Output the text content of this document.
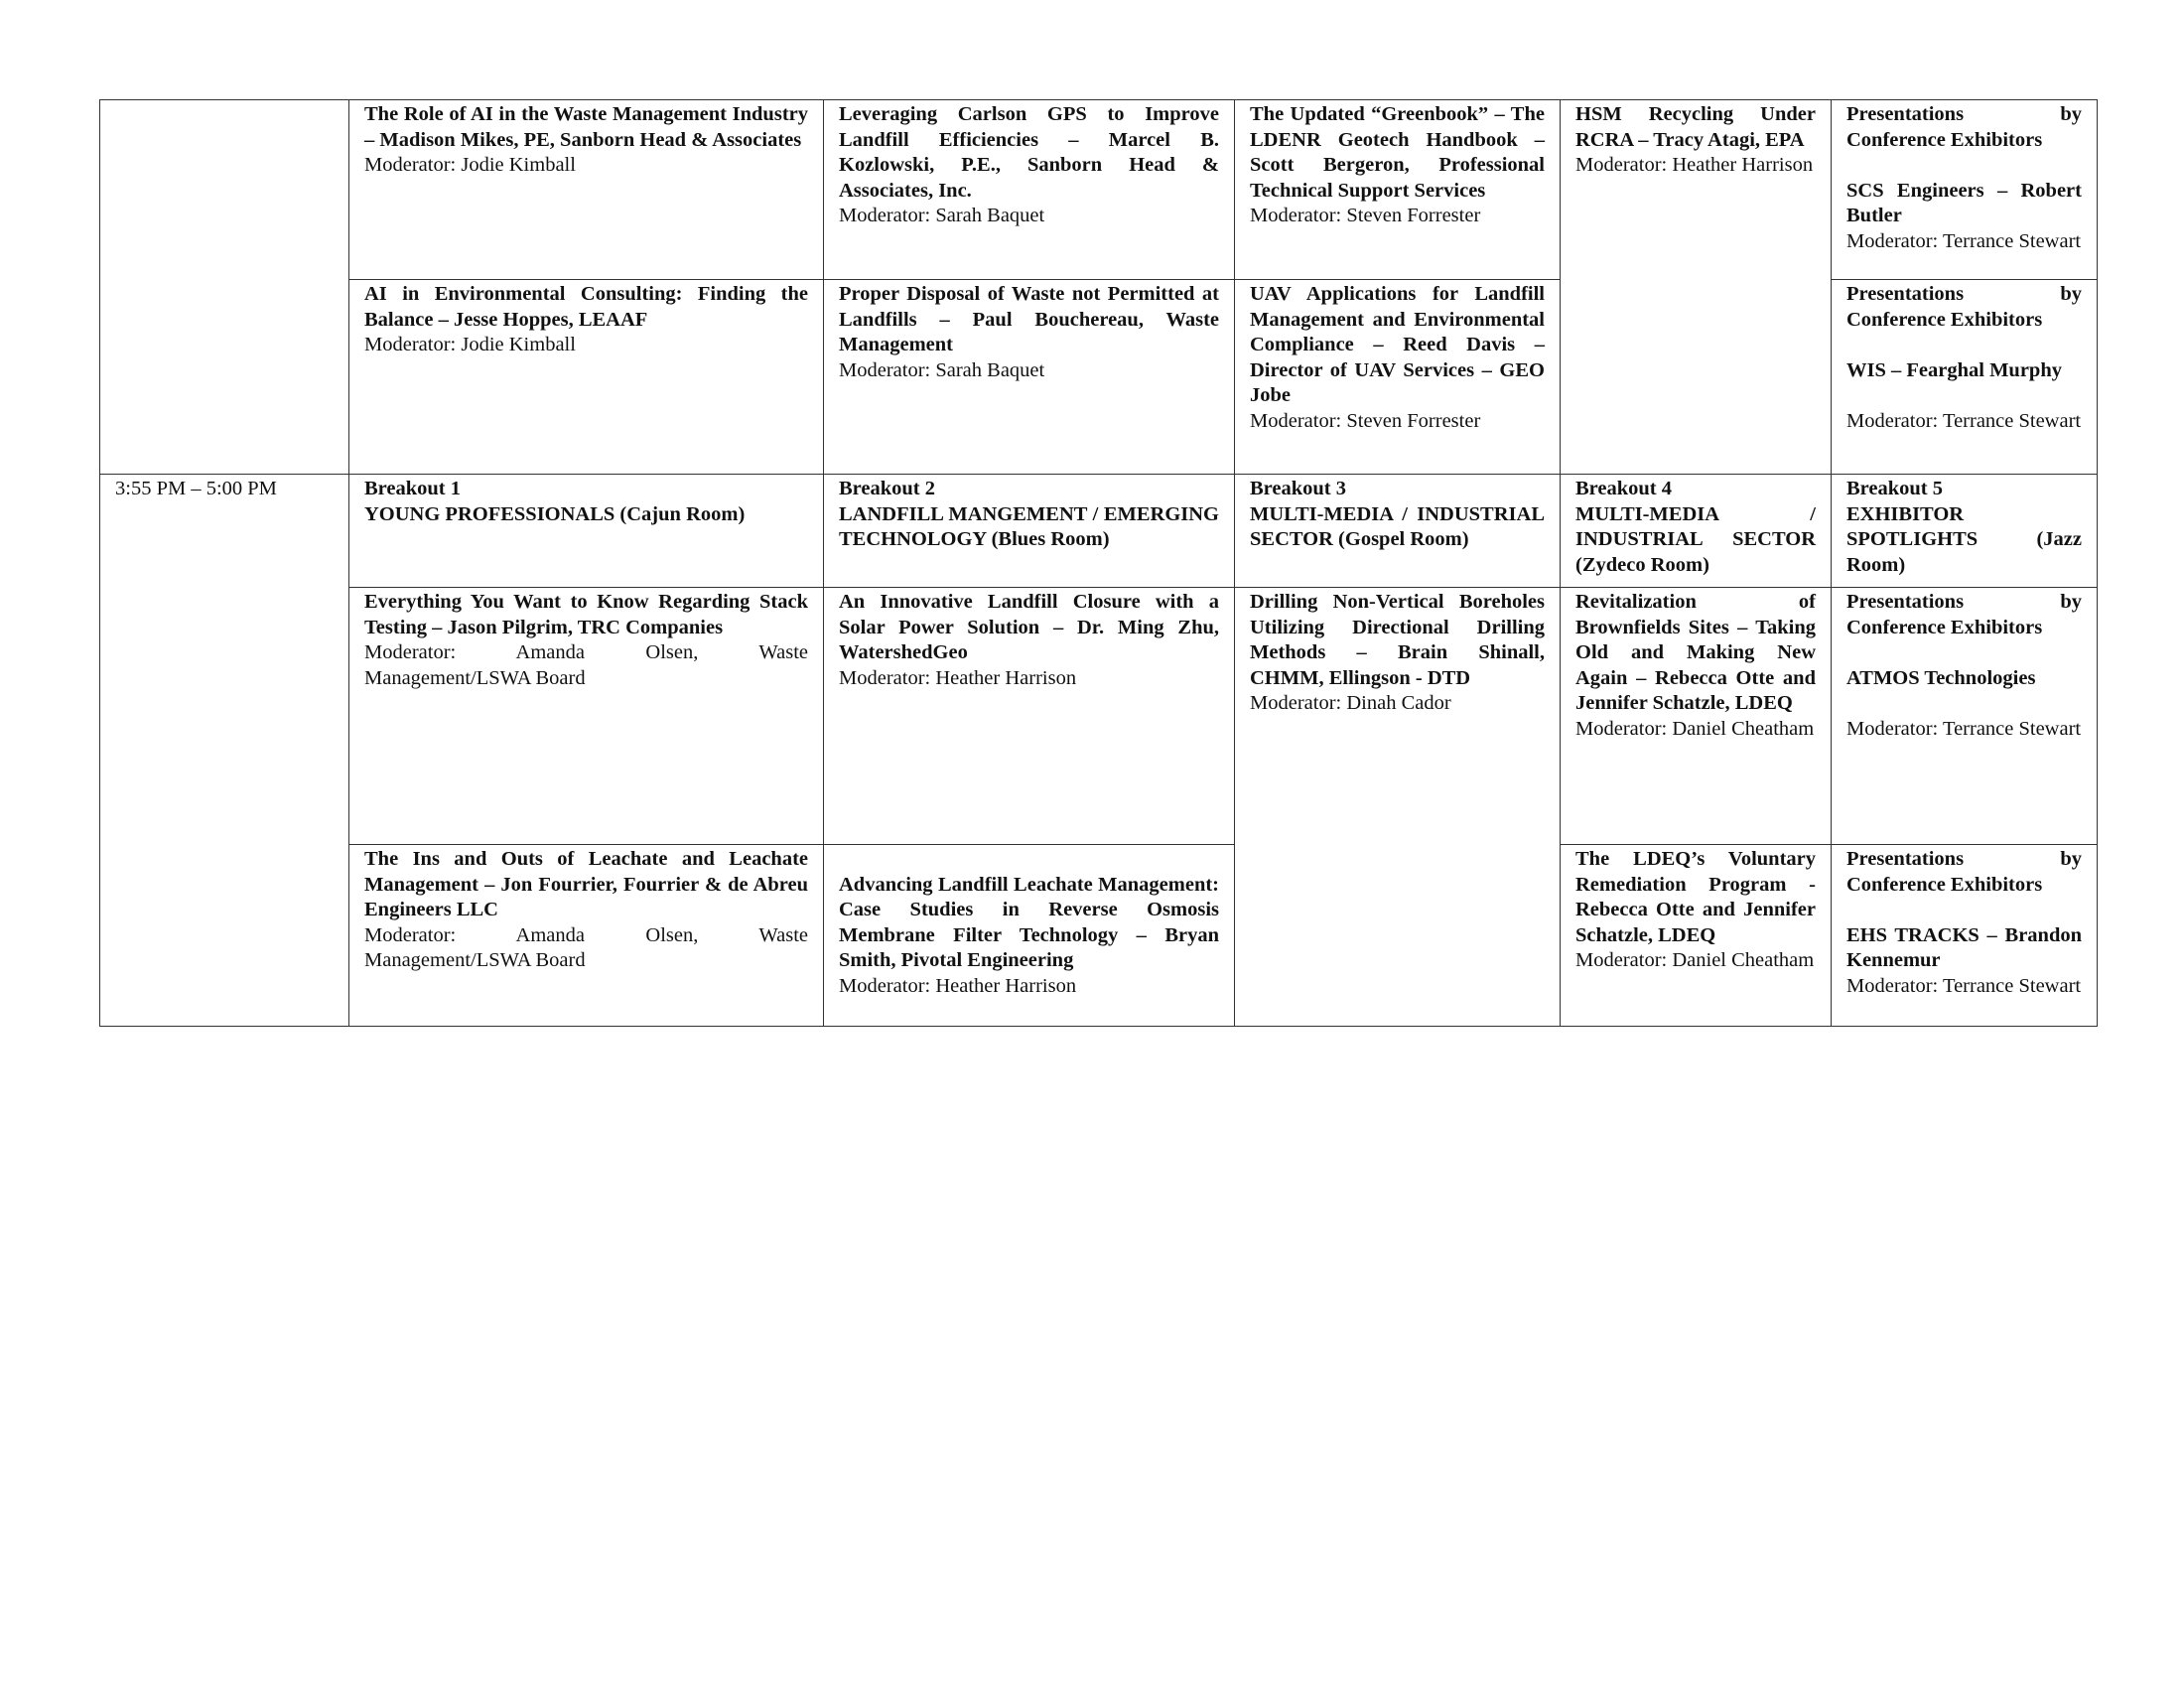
	The Role of AI in the Waste Management Industry – Madison Mikes, PE, Sanborn Head & Associates
Moderator: Jodie Kimball	Leveraging Carlson GPS to Improve Landfill Efficiencies – Marcel B. Kozlowski, P.E., Sanborn Head & Associates, Inc.
Moderator: Sarah Baquet	The Updated “Greenbook” – The LDENR Geotech Handbook – Scott Bergeron, Professional Technical Support Services
Moderator: Steven Forrester	HSM Recycling Under RCRA – Tracy Atagi, EPA
Moderator: Heather Harrison	Presentations by Conference Exhibitors
SCS Engineers – Robert Butler
Moderator: Terrance Stewart

	AI in Environmental Consulting: Finding the Balance – Jesse Hoppes, LEAAF
Moderator: Jodie Kimball	Proper Disposal of Waste not Permitted at Landfills – Paul Bouchereau, Waste Management
Moderator: Sarah Baquet	UAV Applications for Landfill Management and Environmental Compliance – Reed Davis – Director of UAV Services – GEO Jobe
Moderator: Steven Forrester		Presentations by Conference Exhibitors
WIS – Fearghal Murphy
Moderator: Terrance Stewart

3:55 PM – 5:00 PM	Breakout 1
YOUNG PROFESSIONALS (Cajun Room)	Breakout 2
LANDFILL MANGEMENT / EMERGING TECHNOLOGY (Blues Room)	Breakout 3
MULTI-MEDIA / INDUSTRIAL SECTOR (Gospel Room)	Breakout 4
MULTI-MEDIA / INDUSTRIAL SECTOR (Zydeco Room)	Breakout 5
EXHIBITOR SPOTLIGHTS (Jazz Room)

	Everything You Want to Know Regarding Stack Testing – Jason Pilgrim, TRC Companies
Moderator: Amanda Olsen, Waste Management/LSWA Board	An Innovative Landfill Closure with a Solar Power Solution – Dr. Ming Zhu, WatershedGeo
Moderator: Heather Harrison	Drilling Non-Vertical Boreholes Utilizing Directional Drilling Methods – Brain Shinall, CHMM, Ellingson - DTD
Moderator: Dinah Cador	Revitalization of Brownfields Sites – Taking Old and Making New Again – Rebecca Otte and Jennifer Schatzle, LDEQ
Moderator: Daniel Cheatham	Presentations by Conference Exhibitors
ATMOS Technologies
Moderator: Terrance Stewart

	The Ins and Outs of Leachate and Leachate Management – Jon Fourrier, Fourrier & de Abreu Engineers LLC
Moderator: Amanda Olsen, Waste Management/LSWA Board	Advancing Landfill Leachate Management: Case Studies in Reverse Osmosis Membrane Filter Technology – Bryan Smith, Pivotal Engineering
Moderator: Heather Harrison		The LDEQ’s Voluntary Remediation Program - Rebecca Otte and Jennifer Schatzle, LDEQ
Moderator: Daniel Cheatham	Presentations by Conference Exhibitors
EHS TRACKS – Brandon Kennemur
Moderator: Terrance Stewart
